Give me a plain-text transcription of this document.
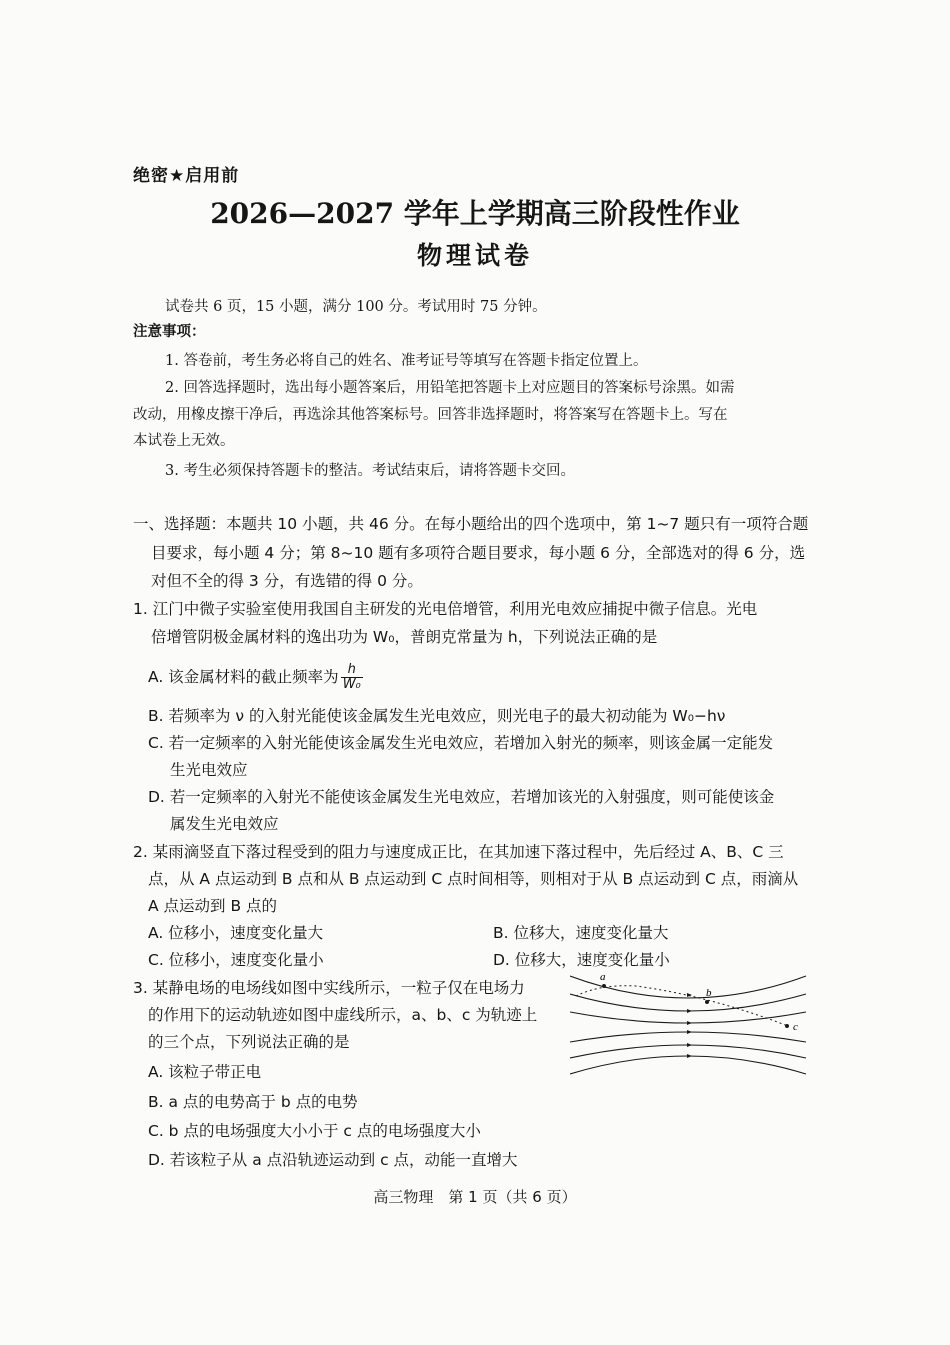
绝密★启用前
2026—2027 学年上学期高三阶段性作业
物理试卷
试卷共 6 页，15 小题，满分 100 分。考试用时 75 分钟。
注意事项：
1. 答卷前，考生务必将自己的姓名、准考证号等填写在答题卡指定位置上。
2. 回答选择题时，选出每小题答案后，用铅笔把答题卡上对应题目的答案标号涂黑。如需
改动，用橡皮擦干净后，再选涂其他答案标号。回答非选择题时，将答案写在答题卡上。写在
本试卷上无效。
3. 考生必须保持答题卡的整洁。考试结束后，请将答题卡交回。
一、选择题：本题共 10 小题，共 46 分。在每小题给出的四个选项中，第 1~7 题只有一项符合题
目要求，每小题 4 分；第 8~10 题有多项符合题目要求，每小题 6 分，全部选对的得 6 分，选
对但不全的得 3 分，有选错的得 0 分。
1. 江门中微子实验室使用我国自主研发的光电倍增管，利用光电效应捕捉中微子信息。光电
倍增管阴极金属材料的逸出功为 W₀，普朗克常量为 h，下列说法正确的是
A. 该金属材料的截止频率为 $\frac{h}{\text{W₀}}$
B. 若频率为 ν 的入射光能使该金属发生光电效应，则光电子的最大初动能为 W₀−hν
C. 若一定频率的入射光能使该金属发生光电效应，若增加入射光的频率，则该金属一定能发
生光电效应
D. 若一定频率的入射光不能使该金属发生光电效应，若增加该光的入射强度，则可能使该金
属发生光电效应
2. 某雨滴竖直下落过程受到的阻力与速度成正比，在其加速下落过程中，先后经过 A、B、C 三
点，从 A 点运动到 B 点和从 B 点运动到 C 点时间相等，则相对于从 B 点运动到 C 点，雨滴从
A 点运动到 B 点的
A. 位移小，速度变化量大	B. 位移大，速度变化量大
C. 位移小，速度变化量小	D. 位移大，速度变化量小
3. 某静电场的电场线如图中实线所示，一粒子仅在电场力
的作用下的运动轨迹如图中虚线所示，a、b、c 为轨迹上
的三个点，下列说法正确的是
A. 该粒子带正电
B. a 点的电势高于 b 点的电势
C. b 点的电场强度大小小于 c 点的电场强度大小
D. 若该粒子从 a 点沿轨迹运动到 c 点，动能一直增大
a
b
c
高三物理　第 1 页（共 6 页）
